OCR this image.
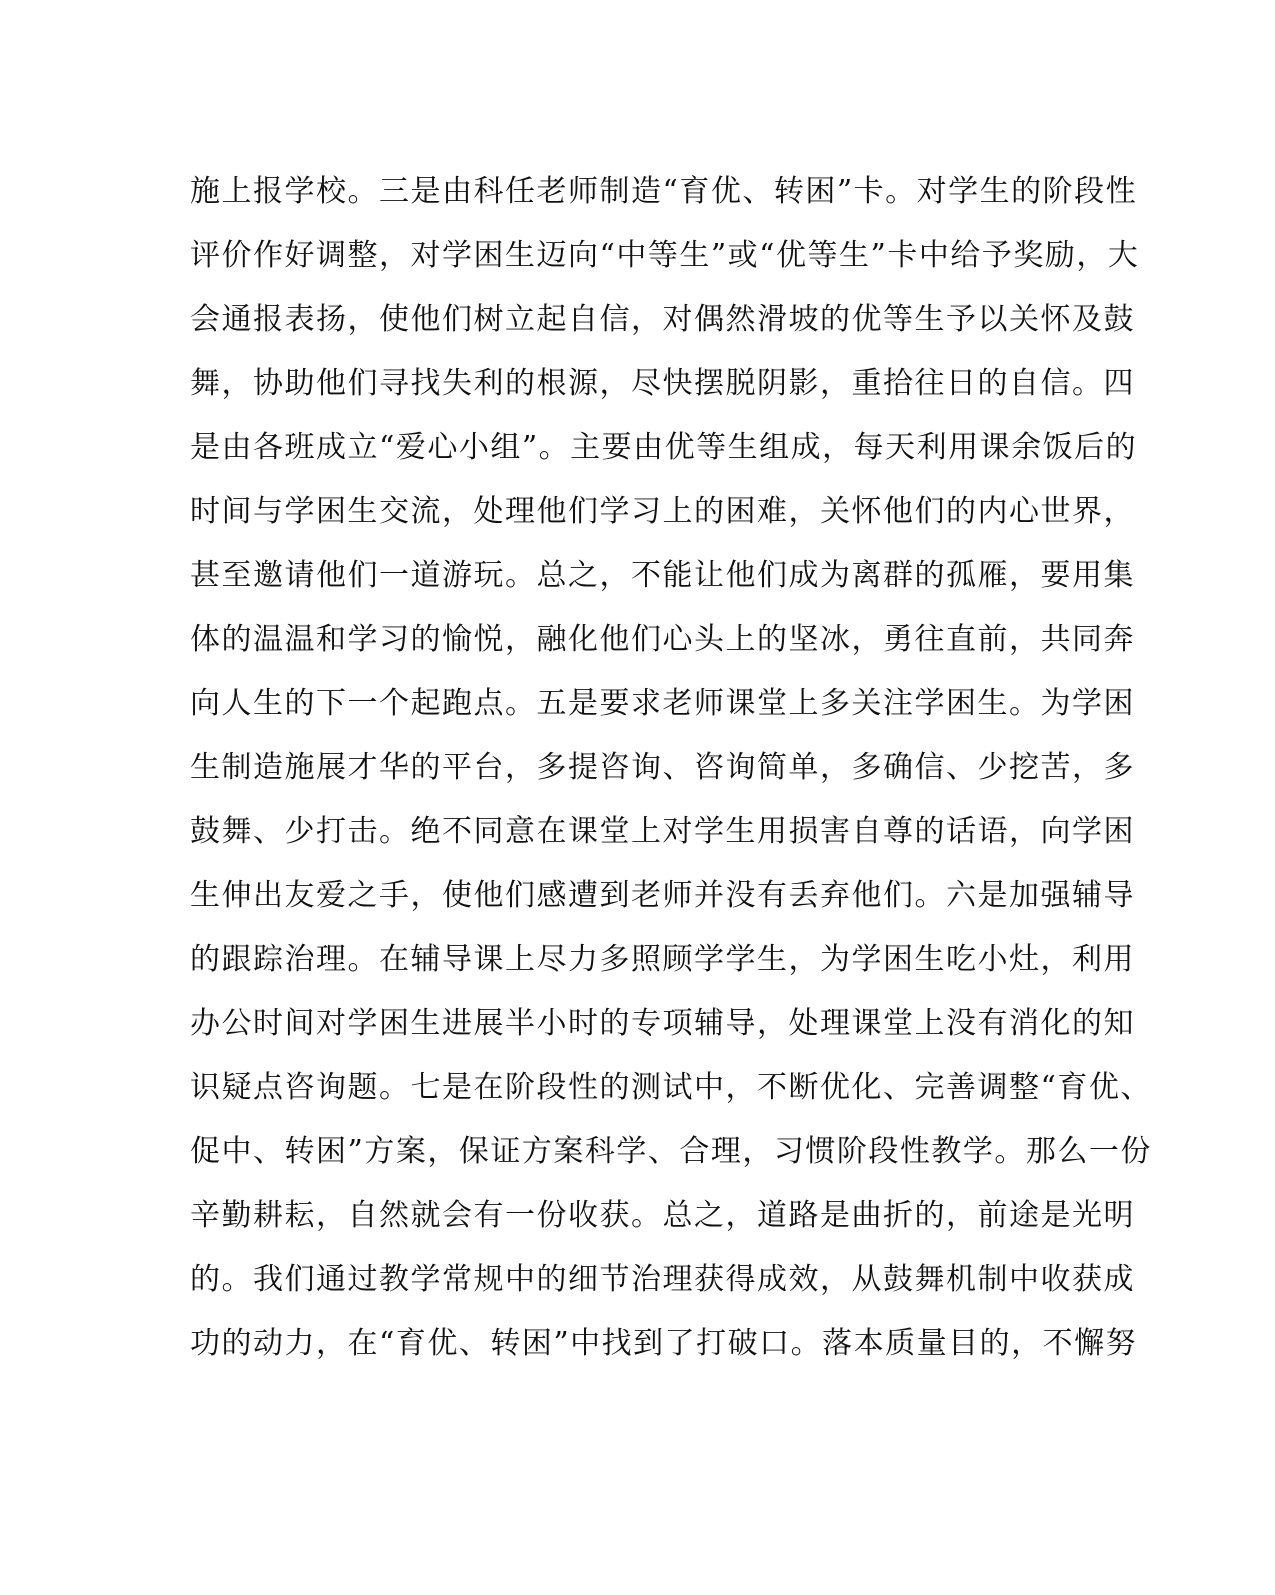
施上报学校。三是由科任老师制造“育优、转困”卡。对学生的阶段性
评价作好调整，对学困生迈向“中等生”或“优等生”卡中给予奖励，大
会通报表扬，使他们树立起自信，对偶然滑坡的优等生予以关怀及鼓
舞，协助他们寻找失利的根源，尽快摆脱阴影，重拾往日的自信。四
是由各班成立“爱心小组”。主要由优等生组成，每天利用课余饭后的
时间与学困生交流，处理他们学习上的困难，关怀他们的内心世界，
甚至邀请他们一道游玩。总之，不能让他们成为离群的孤雁，要用集
体的温温和学习的愉悦，融化他们心头上的坚冰，勇往直前，共同奔
向人生的下一个起跑点。五是要求老师课堂上多关注学困生。为学困
生制造施展才华的平台，多提咨询、咨询简单，多确信、少挖苦，多
鼓舞、少打击。绝不同意在课堂上对学生用损害自尊的话语，向学困
生伸出友爱之手，使他们感遭到老师并没有丢弃他们。六是加强辅导
的跟踪治理。在辅导课上尽力多照顾学学生，为学困生吃小灶，利用
办公时间对学困生进展半小时的专项辅导，处理课堂上没有消化的知
识疑点咨询题。七是在阶段性的测试中，不断优化、完善调整“育优、
促中、转困”方案，保证方案科学、合理，习惯阶段性教学。那么一份
辛勤耕耘，自然就会有一份收获。总之，道路是曲折的，前途是光明
的。我们通过教学常规中的细节治理获得成效，从鼓舞机制中收获成
功的动力，在“育优、转困”中找到了打破口。落本质量目的，不懈努
